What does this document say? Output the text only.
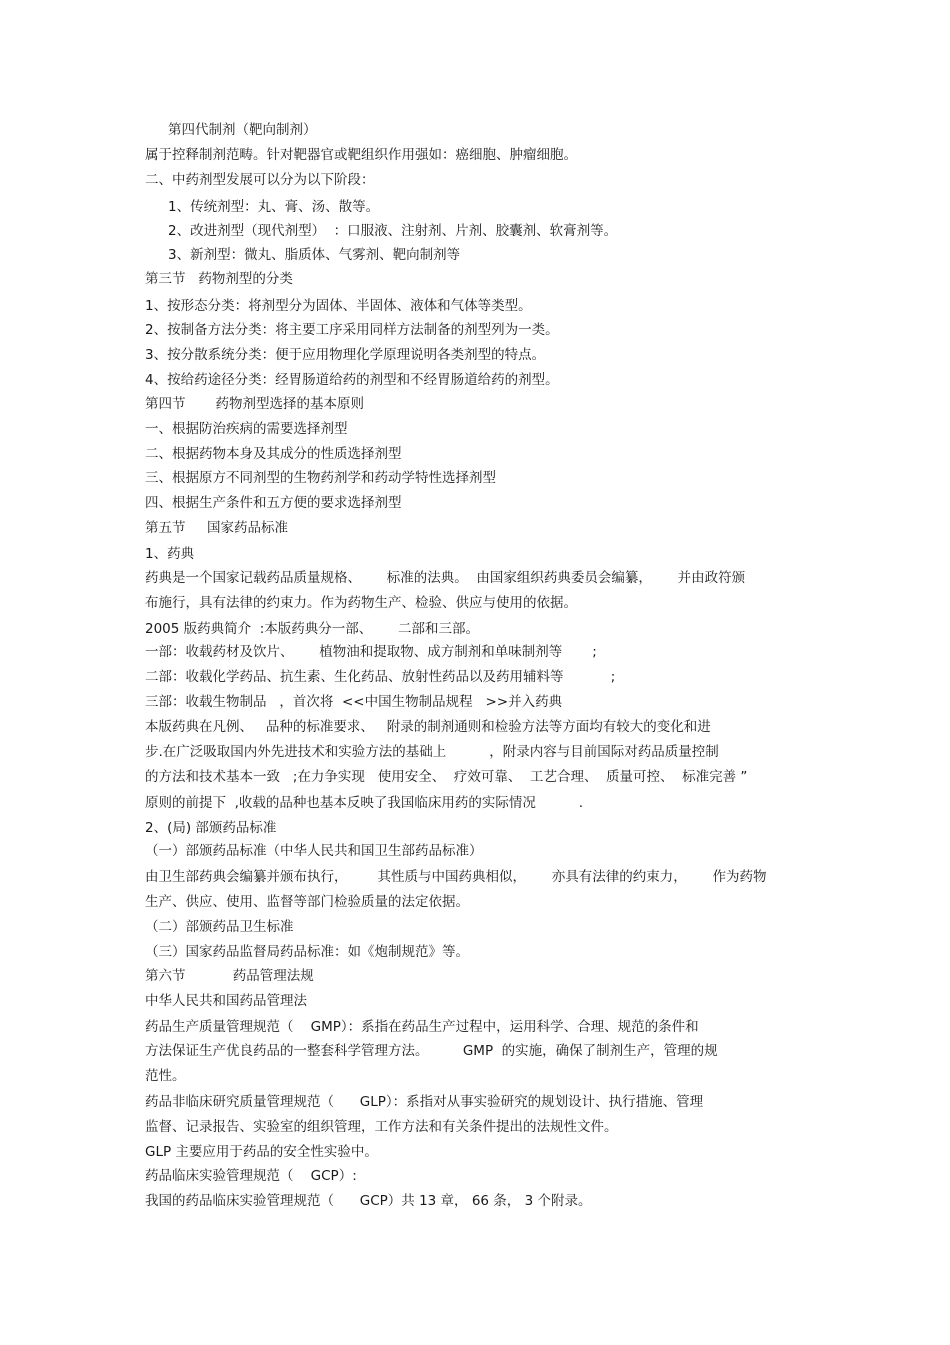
第四代制剂（靶向制剂）
属于控释制剂范畴。针对靶器官或靶组织作用强如：癌细胞、肿瘤细胞。
二、中药剂型发展可以分为以下阶段：
1、传统剂型：丸、膏、汤、散等。
2、改进剂型（现代剂型）  ：口服液、注射剂、片剂、胶囊剂、软膏剂等。
3、新剂型：微丸、脂质体、气雾剂、靶向制剂等
第三节   药物剂型的分类
1、按形态分类：将剂型分为固体、半固体、液体和气体等类型。
2、按制备方法分类：将主要工序采用同样方法制备的剂型列为一类。
3、按分散系统分类：便于应用物理化学原理说明各类剂型的特点。
4、按给药途径分类：经胃肠道给药的剂型和不经胃肠道给药的剂型。
第四节       药物剂型选择的基本原则
一、根据防治疾病的需要选择剂型
二、根据药物本身及其成分的性质选择剂型
三、根据原方不同剂型的生物药剂学和药动学特性选择剂型
四、根据生产条件和五方便的要求选择剂型
第五节     国家药品标准
1、药典
药典是一个国家记载药品质量规格、      标准的法典。  由国家组织药典委员会编纂，      并由政符颁
布施行，具有法律的约束力。作为药物生产、检验、供应与使用的依据。
2005 版药典简介  :本版药典分一部、      二部和三部。
一部：收载药材及饮片、      植物油和提取物、成方制剂和单味制剂等       ;
二部：收载化学药品、抗生素、生化药品、放射性药品以及药用辅料等           ;
三部：收载生物制品   ，首次将  <<中国生物制品规程   >>并入药典
本版药典在凡例、   品种的标准要求、   附录的制剂通则和检验方法等方面均有较大的变化和进
步.在广泛吸取国内外先进技术和实验方法的基础上          ，附录内容与目前国际对药品质量控制
的方法和技术基本一致   ;在力争实现   使用安全、  疗效可靠、  工艺合理、  质量可控、  标准完善 ”
原则的前提下  ,收载的品种也基本反映了我国临床用药的实际情况          .
2、(局) 部颁药品标准
（一）部颁药品标准（中华人民共和国卫生部药品标准）
由卫生部药典会编纂并颁布执行，       其性质与中国药典相似，      亦具有法律的约束力，      作为药物
生产、供应、使用、监督等部门检验质量的法定依据。
（二）部颁药品卫生标准
（三）国家药品监督局药品标准：如《炮制规范》等。
第六节           药品管理法规
中华人民共和国药品管理法
药品生产质量管理规范（    GMP）：系指在药品生产过程中，运用科学、合理、规范的条件和
方法保证生产优良药品的一整套科学管理方法。        GMP  的实施，确保了制剂生产，管理的规
范性。
药品非临床研究质量管理规范（      GLP）：系指对从事实验研究的规划设计、执行措施、管理
监督、记录报告、实验室的组织管理，工作方法和有关条件提出的法规性文件。
GLP 主要应用于药品的安全性实验中。
药品临床实验管理规范（    GCP）:
我国的药品临床实验管理规范（      GCP）共 13 章， 66 条， 3 个附录。
